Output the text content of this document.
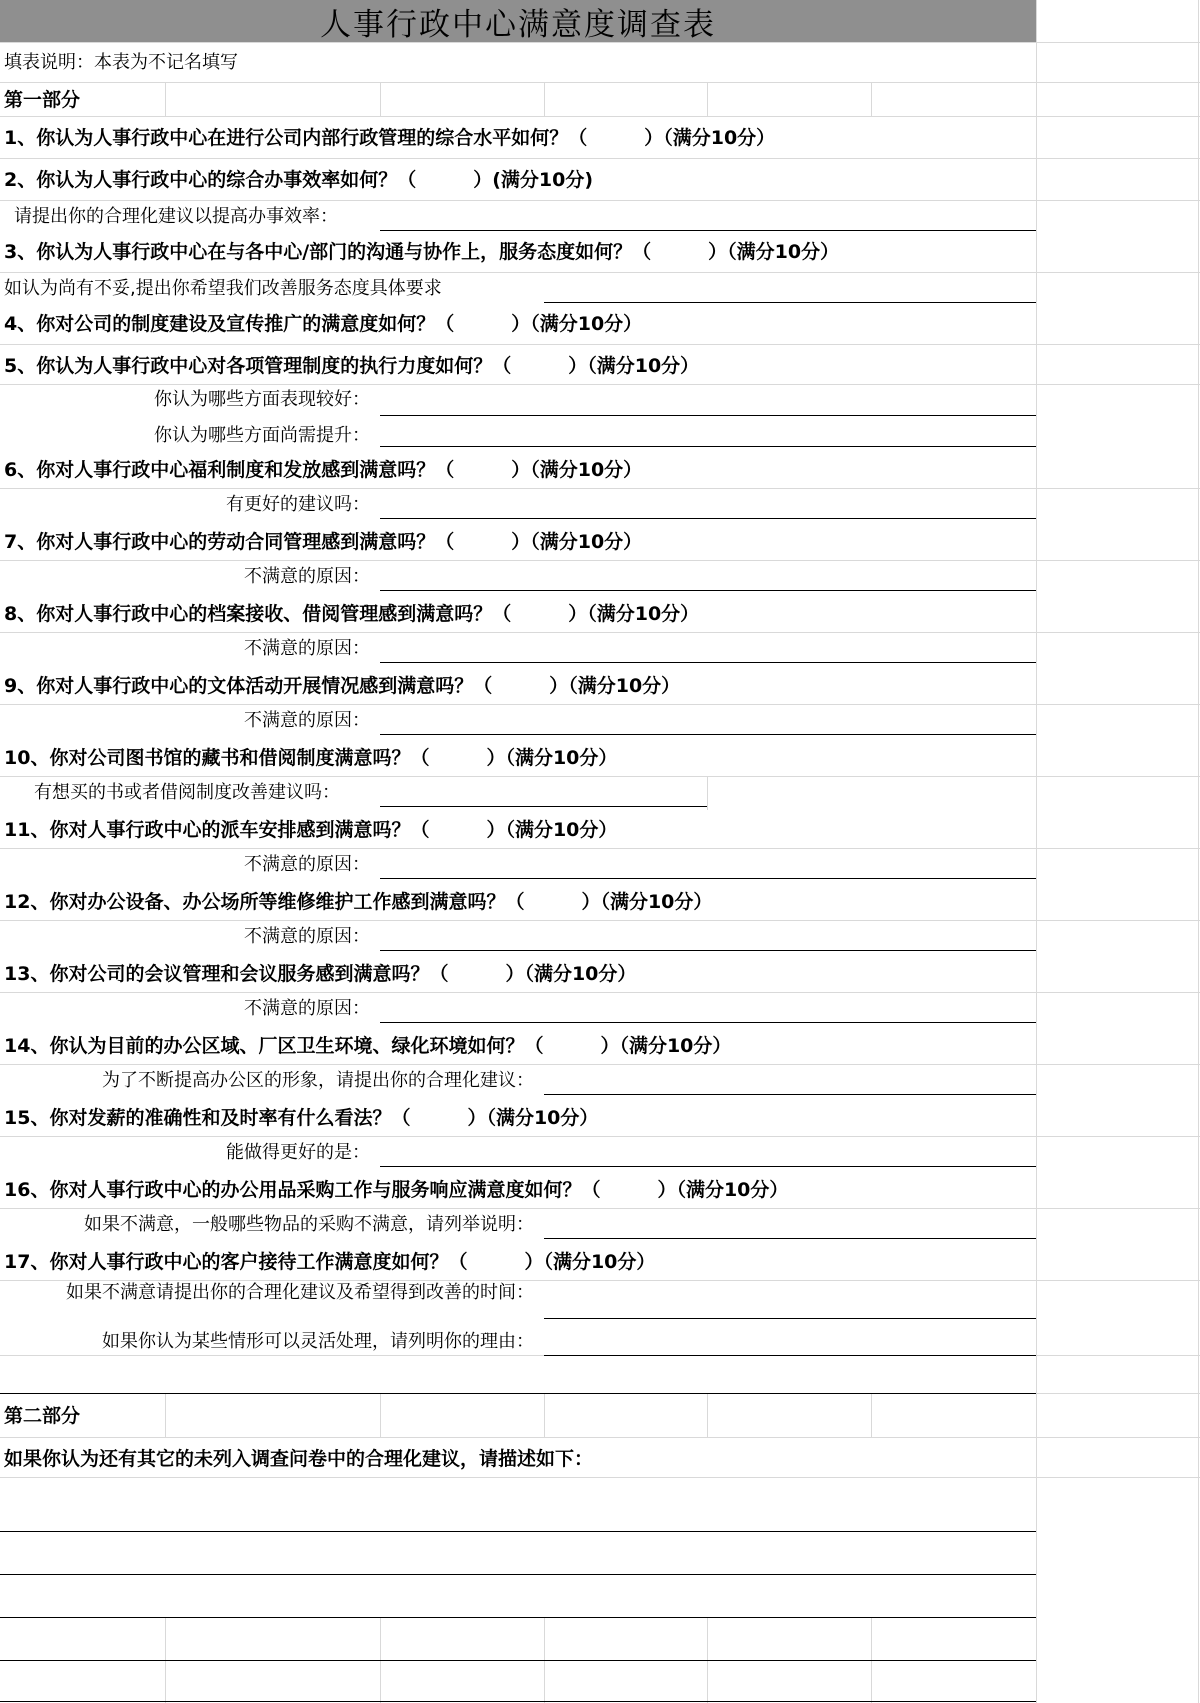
人事行政中心满意度调查表
填表说明：本表为不记名填写
第一部分
1、你认为人事行政中心在进行公司内部行政管理的综合水平如何？（　　　）（满分10分）
2、你认为人事行政中心的综合办事效率如何？（　　　）(满分10分)
请提出你的合理化建议以提高办事效率：
3、你认为人事行政中心在与各中心/部门的沟通与协作上，服务态度如何？（　　　）（满分10分）
如认为尚有不妥,提出你希望我们改善服务态度具体要求
4、你对公司的制度建设及宣传推广的满意度如何？（　　　）（满分10分）
5、你认为人事行政中心对各项管理制度的执行力度如何？（　　　）（满分10分）
你认为哪些方面表现较好：
你认为哪些方面尚需提升：
6、你对人事行政中心福利制度和发放感到满意吗？（　　　）（满分10分）
有更好的建议吗：
7、你对人事行政中心的劳动合同管理感到满意吗？（　　　）（满分10分）
不满意的原因：
8、你对人事行政中心的档案接收、借阅管理感到满意吗？（　　　）（满分10分）
不满意的原因：
9、你对人事行政中心的文体活动开展情况感到满意吗？（　　　）（满分10分）
不满意的原因：
10、你对公司图书馆的藏书和借阅制度满意吗？（　　　）（满分10分）
有想买的书或者借阅制度改善建议吗：
11、你对人事行政中心的派车安排感到满意吗？（　　　）（满分10分）
不满意的原因：
12、你对办公设备、办公场所等维修维护工作感到满意吗？（　　　）（满分10分）
不满意的原因：
13、你对公司的会议管理和会议服务感到满意吗？（　　　）（满分10分）
不满意的原因：
14、你认为目前的办公区域、厂区卫生环境、绿化环境如何？（　　　）（满分10分）
为了不断提高办公区的形象，请提出你的合理化建议：
15、你对发薪的准确性和及时率有什么看法？（　　　）（满分10分）
能做得更好的是：
16、你对人事行政中心的办公用品采购工作与服务响应满意度如何？（　　　）（满分10分）
如果不满意，一般哪些物品的采购不满意，请列举说明：
17、你对人事行政中心的客户接待工作满意度如何？（　　　）（满分10分）
如果不满意请提出你的合理化建议及希望得到改善的时间：
如果你认为某些情形可以灵活处理，请列明你的理由：
第二部分
如果你认为还有其它的未列入调查问卷中的合理化建议，请描述如下：
